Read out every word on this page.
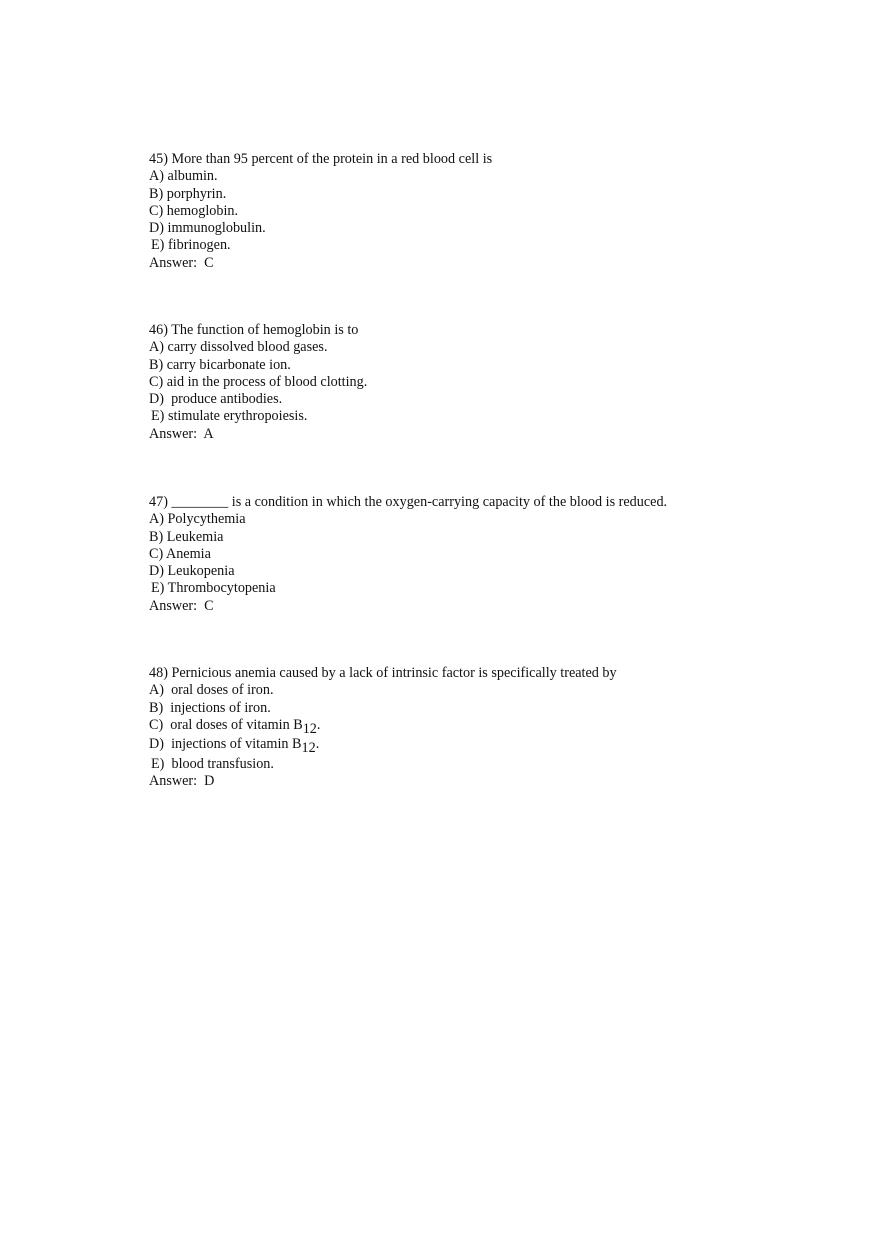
45) More than 95 percent of the protein in a red blood cell is
A) albumin.
B) porphyrin.
C) hemoglobin.
D) immunoglobulin.
E) fibrinogen.
Answer:  C
46) The function of hemoglobin is to
A) carry dissolved blood gases.
B) carry bicarbonate ion.
C) aid in the process of blood clotting.
D)  produce antibodies.
E) stimulate erythropoiesis.
Answer:  A
47) ________ is a condition in which the oxygen-carrying capacity of the blood is reduced.
A) Polycythemia
B) Leukemia
C) Anemia
D) Leukopenia
E) Thrombocytopenia
Answer:  C
48) Pernicious anemia caused by a lack of intrinsic factor is specifically treated by
A)  oral doses of iron.
B)  injections of iron.
C)  oral doses of vitamin B12.
D)  injections of vitamin B12.
E)  blood transfusion.
Answer:  D
